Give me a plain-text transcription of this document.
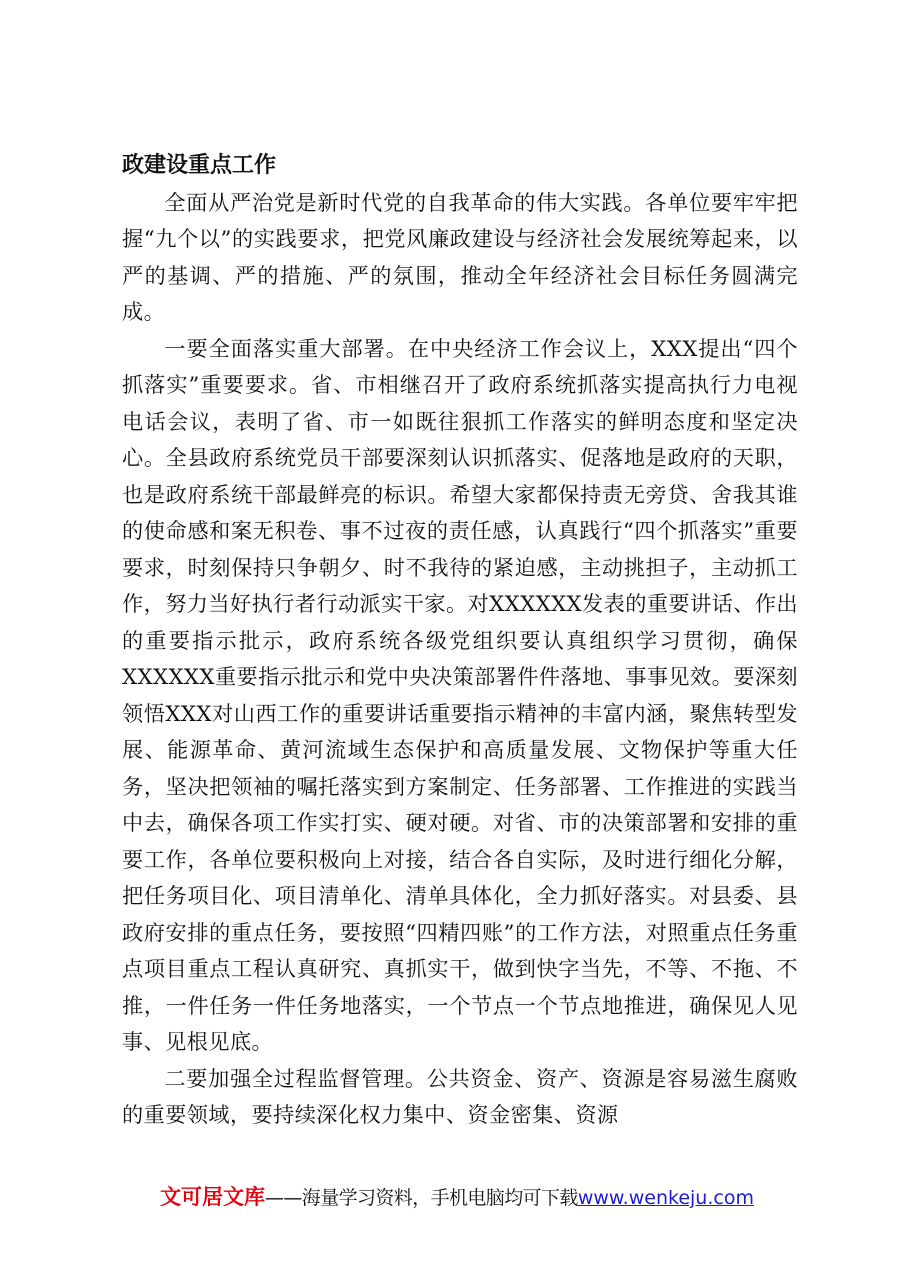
政建设重点工作

全面从严治党是新时代党的自我革命的伟大实践。各单位要牢牢把握“九个以”的实践要求，把党风廉政建设与经济社会发展统筹起来，以严的基调、严的措施、严的氛围，推动全年经济社会目标任务圆满完成。

一要全面落实重大部署。在中央经济工作会议上，XXX提出“四个抓落实”重要要求。省、市相继召开了政府系统抓落实提高执行力电视电话会议，表明了省、市一如既往狠抓工作落实的鲜明态度和坚定决心。全县政府系统党员干部要深刻认识抓落实、促落地是政府的天职，也是政府系统干部最鲜亮的标识。希望大家都保持责无旁贷、舍我其谁的使命感和案无积卷、事不过夜的责任感，认真践行“四个抓落实”重要要求，时刻保持只争朝夕、时不我待的紧迫感，主动挑担子，主动抓工作，努力当好执行者行动派实干家。对XXXXXX发表的重要讲话、作出的重要指示批示，政府系统各级党组织要认真组织学习贯彻，确保XXXXXX重要指示批示和党中央决策部署件件落地、事事见效。要深刻领悟XXX对山西工作的重要讲话重要指示精神的丰富内涵，聚焦转型发展、能源革命、黄河流域生态保护和高质量发展、文物保护等重大任务，坚决把领袖的嘱托落实到方案制定、任务部署、工作推进的实践当中去，确保各项工作实打实、硬对硬。对省、市的决策部署和安排的重要工作，各单位要积极向上对接，结合各自实际，及时进行细化分解，把任务项目化、项目清单化、清单具体化，全力抓好落实。对县委、县政府安排的重点任务，要按照“四精四账”的工作方法，对照重点任务重点项目重点工程认真研究、真抓实干，做到快字当先，不等、不拖、不推，一件任务一件任务地落实，一个节点一个节点地推进，确保见人见事、见根见底。

二要加强全过程监督管理。公共资金、资产、资源是容易滋生腐败的重要领域，要持续深化权力集中、资金密集、资源

文可居文库——海量学习资料，手机电脑均可下载www.wenkeju.com
